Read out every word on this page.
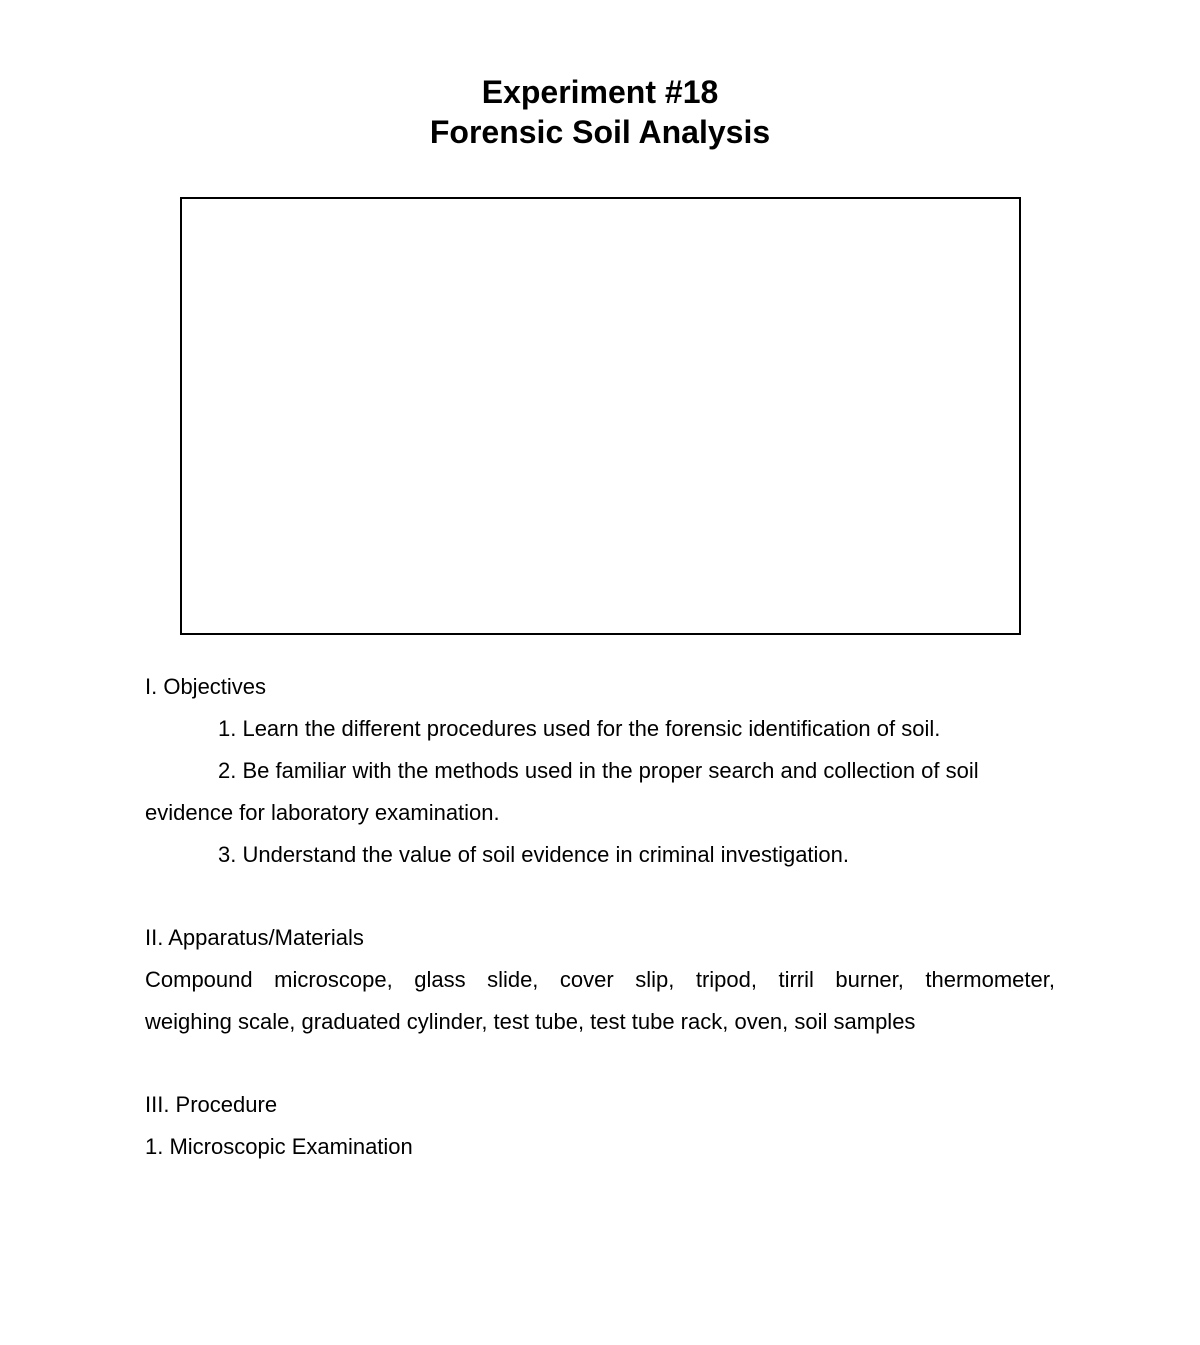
Experiment #18
Forensic Soil Analysis
I. Objectives
1. Learn the different procedures used for the forensic identification of soil.
2. Be familiar with the methods used in the proper search and collection of soil
evidence for laboratory examination.
3. Understand the value of soil evidence in criminal investigation.
II. Apparatus/Materials
Compound microscope, glass slide, cover slip, tripod, tirril burner, thermometer,
weighing scale, graduated cylinder, test tube, test tube rack, oven, soil samples
III. Procedure
1. Microscopic Examination
